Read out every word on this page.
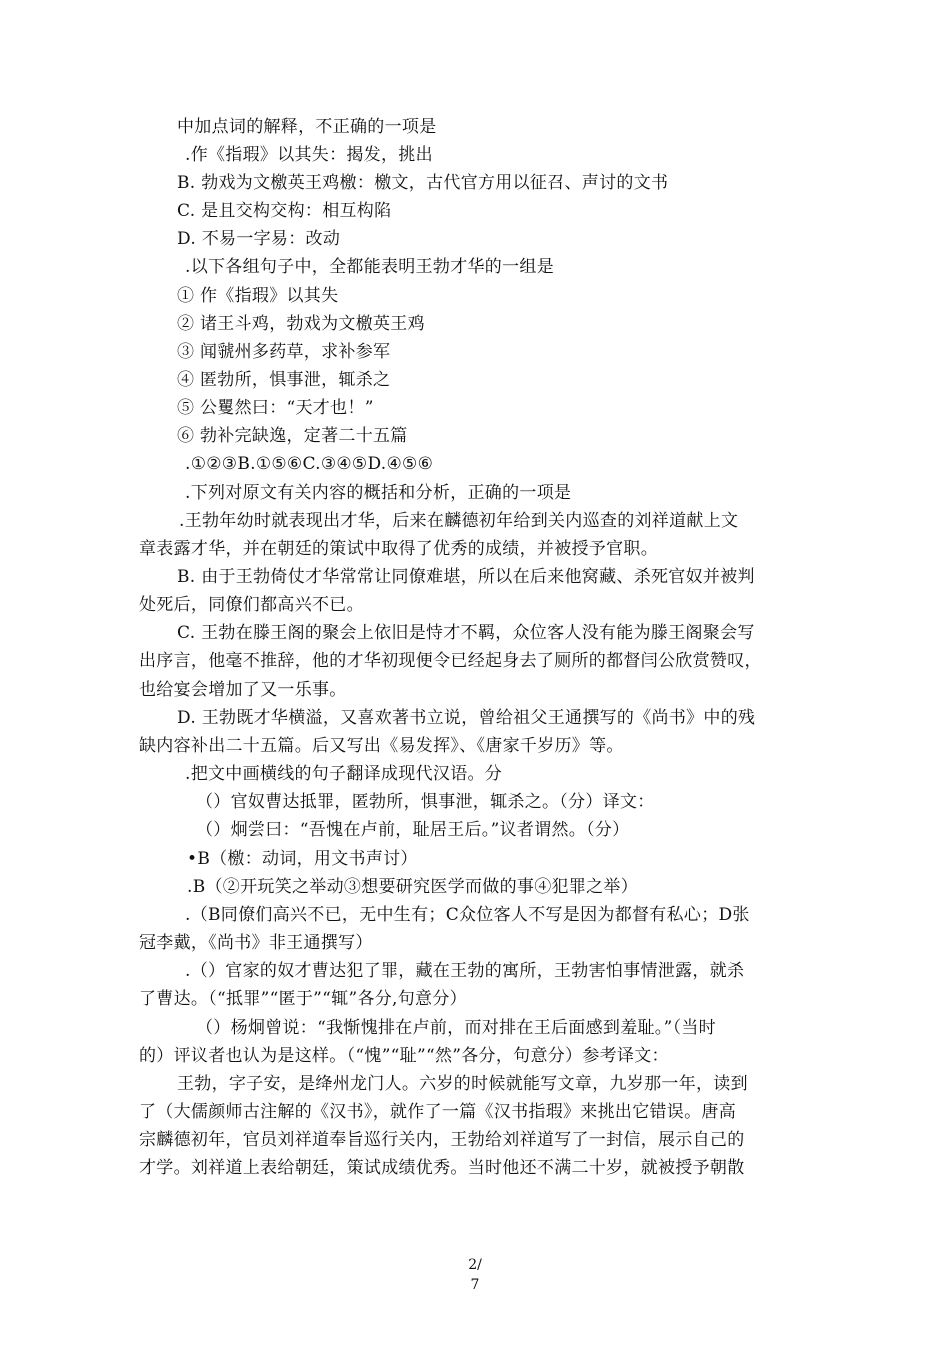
中加点词的解释，不正确的一项是
.作《指瑕》以其失：揭发，挑出
B. 勃戏为文檄英王鸡檄：檄文，古代官方用以征召、声讨的文书
C. 是且交构交构：相互构陷
D. 不易一字易：改动
.以下各组句子中，全都能表明王勃才华的一组是
① 作《指瑕》以其失
② 诸王斗鸡，勃戏为文檄英王鸡
③ 闻虢州多药草，求补参军
④ 匿勃所，惧事泄，辄杀之
⑤ 公矍然曰：“天才也！”
⑥ 勃补完缺逸，定著二十五篇
.①②③B.①⑤⑥C.③④⑤D.④⑤⑥
.下列对原文有关内容的概括和分析，正确的一项是
.王勃年幼时就表现出才华，后来在麟德初年给到关内巡查的刘祥道献上文
章表露才华，并在朝廷的策试中取得了优秀的成绩，并被授予官职。
B. 由于王勃倚仗才华常常让同僚难堪，所以在后来他窝藏、杀死官奴并被判
处死后，同僚们都高兴不已。
C. 王勃在滕王阁的聚会上依旧是恃才不羁，众位客人没有能为滕王阁聚会写
出序言，他毫不推辞，他的才华初现便令已经起身去了厕所的都督闫公欣赏赞叹，
也给宴会增加了又一乐事。
D. 王勃既才华横溢，又喜欢著书立说，曾给祖父王通撰写的《尚书》中的残
缺内容补出二十五篇。后又写出《易发挥》、《唐家千岁历》等。
.把文中画横线的句子翻译成现代汉语。分
（）官奴曹达抵罪，匿勃所，惧事泄，辄杀之。（分）译文：
（）炯尝曰：“吾愧在卢前，耻居王后。”议者谓然。（分）
•B（檄：动词，用文书声讨）
.B（②开玩笑之举动③想要研究医学而做的事④犯罪之举）
.（B同僚们高兴不已，无中生有；C众位客人不写是因为都督有私心；D张
冠李戴，《尚书》非王通撰写）
.（）官家的奴才曹达犯了罪，藏在王勃的寓所，王勃害怕事情泄露，就杀
了曹达。（“抵罪”“匿于”“辄”各分,句意分）
（）杨炯曾说：“我惭愧排在卢前，而对排在王后面感到羞耻。”（当时
的）评议者也认为是这样。（“愧”“耻”“然”各分，句意分）参考译文：
王勃，字子安，是绛州龙门人。六岁的时候就能写文章，九岁那一年，读到
了（大儒颜师古注解的《汉书》，就作了一篇《汉书指瑕》来挑出它错误。唐高
宗麟德初年，官员刘祥道奉旨巡行关内，王勃给刘祥道写了一封信，展示自己的
才学。刘祥道上表给朝廷，策试成绩优秀。当时他还不满二十岁，就被授予朝散
2/
7
